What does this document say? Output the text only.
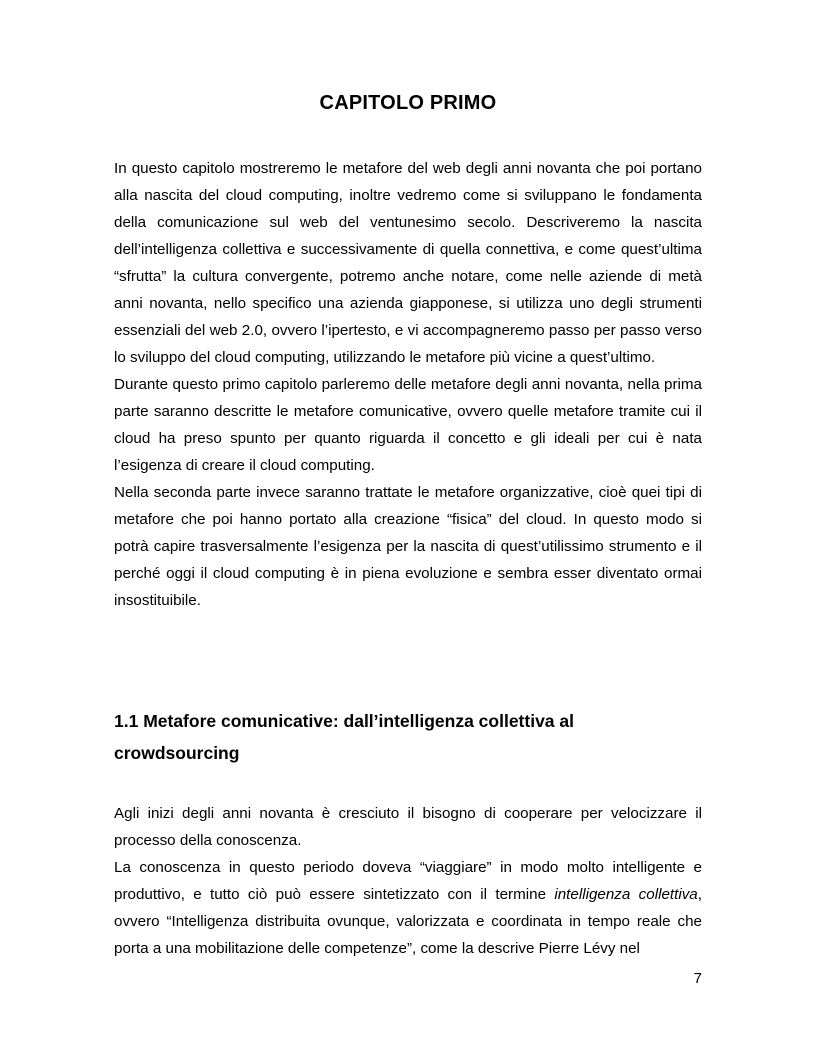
CAPITOLO PRIMO

In questo capitolo mostreremo le metafore del web degli anni novanta che poi portano alla nascita del cloud computing, inoltre vedremo come si sviluppano le fondamenta della comunicazione sul web del ventunesimo secolo. Descriveremo la nascita dell’intelligenza collettiva e successivamente di quella connettiva, e come quest’ultima “sfrutta” la cultura convergente, potremo anche notare, come nelle aziende di metà anni novanta, nello specifico una azienda giapponese, si utilizza uno degli strumenti essenziali del web 2.0, ovvero l’ipertesto, e vi accompagneremo passo per passo verso lo sviluppo del cloud computing, utilizzando le metafore più vicine a quest’ultimo.

Durante questo primo capitolo parleremo delle metafore degli anni novanta, nella prima parte saranno descritte le metafore comunicative, ovvero quelle metafore tramite cui il cloud ha preso spunto per quanto riguarda il concetto e gli ideali per cui è nata l’esigenza di creare il cloud computing.

Nella seconda parte invece saranno trattate le metafore organizzative, cioè quei tipi di metafore che poi hanno portato alla creazione “fisica” del cloud. In questo modo si potrà capire trasversalmente l’esigenza per la nascita di quest’utilissimo strumento e il perché oggi il cloud computing è in piena evoluzione e sembra esser diventato ormai insostituibile.

1.1 Metafore comunicative: dall’intelligenza collettiva al crowdsourcing

Agli inizi degli anni novanta è cresciuto il bisogno di cooperare per velocizzare il processo della conoscenza.

La conoscenza in questo periodo doveva “viaggiare” in modo molto intelligente e produttivo, e tutto ciò può essere sintetizzato con il termine intelligenza collettiva, ovvero “Intelligenza distribuita ovunque, valorizzata e coordinata in tempo reale che porta a una mobilitazione delle competenze”, come la descrive Pierre Lévy nel

7
